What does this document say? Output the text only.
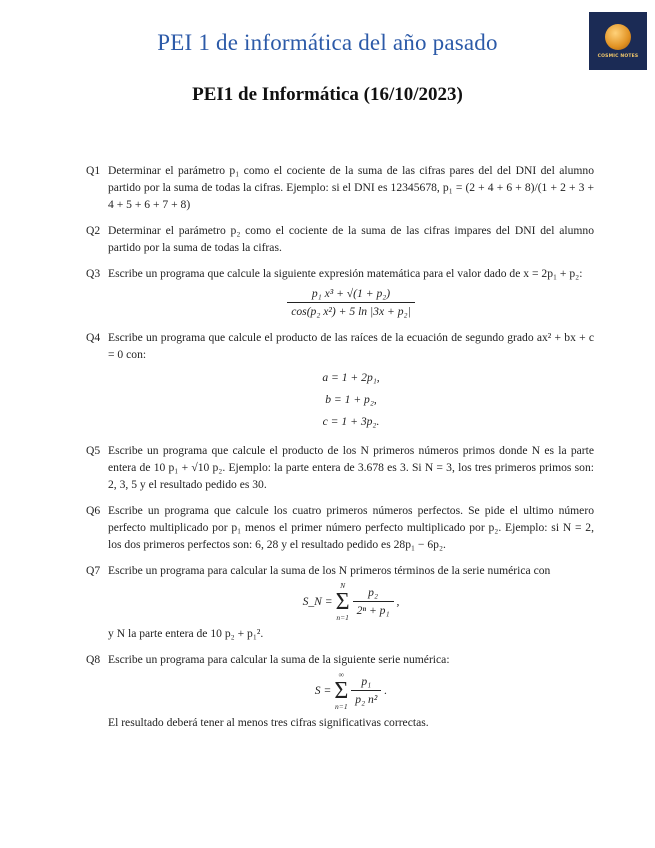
PEI 1 de informática del año pasado
COSMIC NOTES
PEI1 de Informática (16/10/2023)
Q1 Determinar el parámetro p₁ como el cociente de la suma de las cifras pares del del DNI del alumno partido por la suma de todas la cifras. Ejemplo: si el DNI es 12345678, p₁ = (2 + 4 + 6 + 8)/(1 + 2 + 3 + 4 + 5 + 6 + 7 + 8)

Q2 Determinar el parámetro p₂ como el cociente de la suma de las cifras impares del DNI del alumno partido por la suma de todas la cifras.

Q3 Escribe un programa que calcule la siguiente expresión matemática para el valor dado de x = 2p₁ + p₂:

$\frac{\text{p₁ x³ + √(1 + p₂)}}{\text{cos(p₂ x²) + 5 ln |3x + p₂|}}$
Q4 Escribe un programa que calcule el producto de las raíces de la ecuación de segundo grado ax² + bx + c = 0 con:

a = 1 + 2p₁,
b = 1 + p₂,
c = 1 + 3p₂.
Q5 Escribe un programa que calcule el producto de los N primeros números primos donde N es la parte entera de 10 p₁ + √10 p₂. Ejemplo: la parte entera de 3.678 es 3. Si N = 3, los tres primeros primos son: 2, 3, 5 y el resultado pedido es 30.

Q6 Escribe un programa que calcule los cuatro primeros números perfectos. Se pide el ultimo número perfecto multiplicado por p₁ menos el primer número perfecto multiplicado por p₂. Ejemplo: si N = 2, los dos primeros perfectos son: 6, 28 y el resultado pedido es 28p₁ − 6p₂.

Q7 Escribe un programa para calcular la suma de los N primeros términos de la serie numérica con

S_N =
N
Σ
$n=1 \frac{\text{p₂}}{\text{2ⁿ + p₁}}$ ,

y N la parte entera de 10 p₂ + p₁².

Q8 Escribe un programa para calcular la suma de la siguiente serie numérica:

S =
∞
Σ
$n=1 \frac{\text{p₁}}{\text{p₂ n²}}$ .

El resultado deberá tener al menos tres cifras significativas correctas.
